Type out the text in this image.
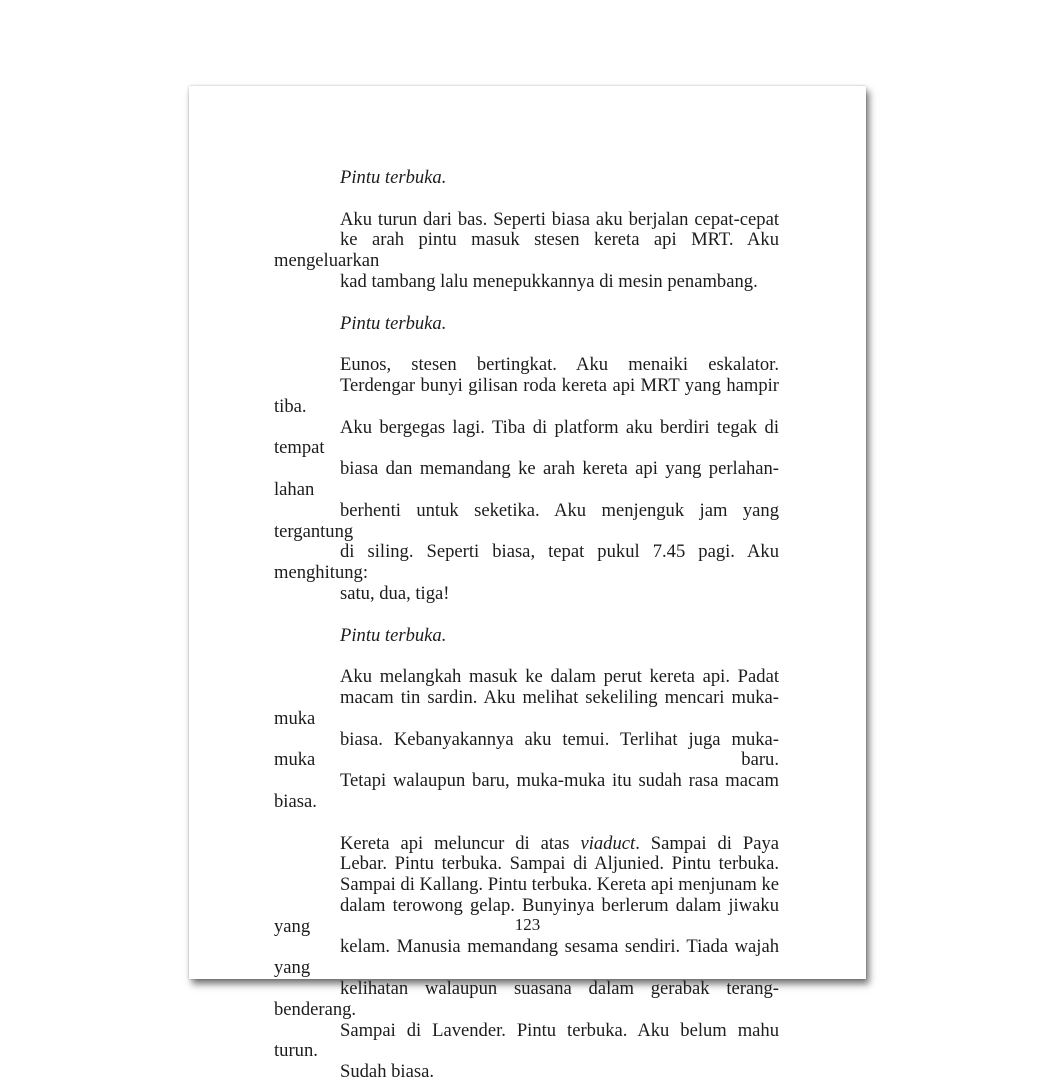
Pintu terbuka.

Aku turun dari bas. Seperti biasa aku berjalan cepat-cepat
ke arah pintu masuk stesen kereta api MRT. Aku mengeluarkan
kad tambang lalu menepukkannya di mesin penambang.

Pintu terbuka.

Eunos, stesen bertingkat. Aku menaiki eskalator.
Terdengar bunyi gilisan roda kereta api MRT yang hampir tiba.
Aku bergegas lagi. Tiba di platform aku berdiri tegak di tempat
biasa dan memandang ke arah kereta api yang perlahan-lahan
berhenti untuk seketika. Aku menjenguk jam yang tergantung
di siling. Seperti biasa, tepat pukul 7.45 pagi. Aku menghitung:
satu, dua, tiga!

Pintu terbuka.

Aku melangkah masuk ke dalam perut kereta api. Padat
macam tin sardin. Aku melihat sekeliling mencari muka-muka
biasa. Kebanyakannya aku temui. Terlihat juga muka-muka baru.
Tetapi walaupun baru, muka-muka itu sudah rasa macam biasa.

Kereta api meluncur di atas viaduct. Sampai di Paya
Lebar. Pintu terbuka. Sampai di Aljunied. Pintu terbuka.
Sampai di Kallang. Pintu terbuka. Kereta api menjunam ke
dalam terowong gelap. Bunyinya berlerum dalam jiwaku yang
kelam. Manusia memandang sesama sendiri. Tiada wajah yang
kelihatan walaupun suasana dalam gerabak terang-benderang.
Sampai di Lavender. Pintu terbuka. Aku belum mahu turun.
Sudah biasa.

123
